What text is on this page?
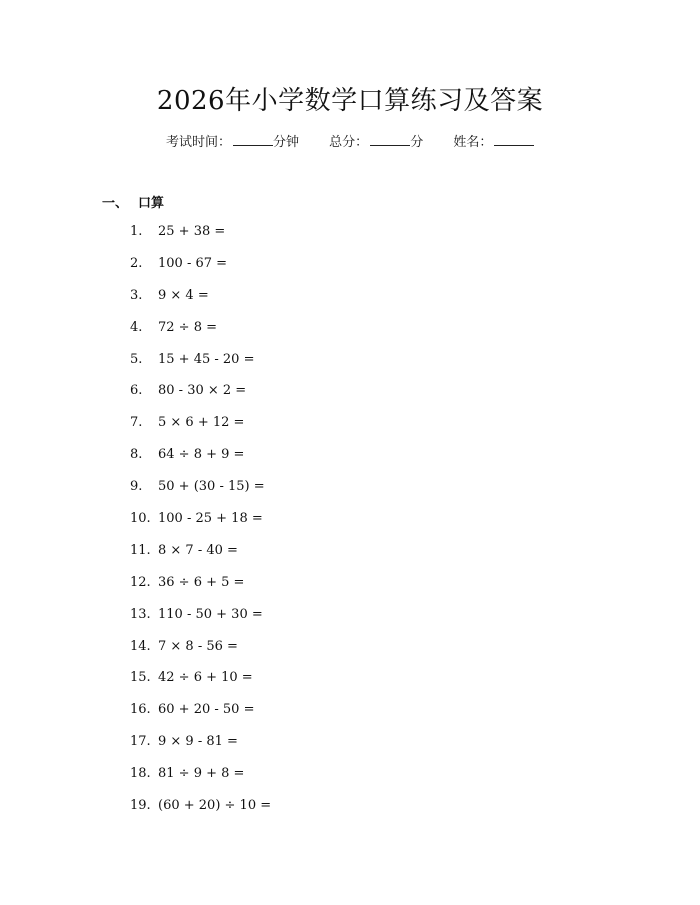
2026年小学数学口算练习及答案
考试时间：	分钟 总分：	分 姓名：
一、 口算
1. 25 + 38 =
2. 100 - 67 =
3. 9 × 4 =
4. 72 ÷ 8 =
5. 15 + 45 - 20 =
6. 80 - 30 × 2 =
7. 5 × 6 + 12 =
8. 64 ÷ 8 + 9 =
9. 50 + (30 - 15) =
10. 100 - 25 + 18 =
11. 8 × 7 - 40 =
12. 36 ÷ 6 + 5 =
13. 110 - 50 + 30 =
14. 7 × 8 - 56 =
15. 42 ÷ 6 + 10 =
16. 60 + 20 - 50 =
17. 9 × 9 - 81 =
18. 81 ÷ 9 + 8 =
19. (60 + 20) ÷ 10 =
